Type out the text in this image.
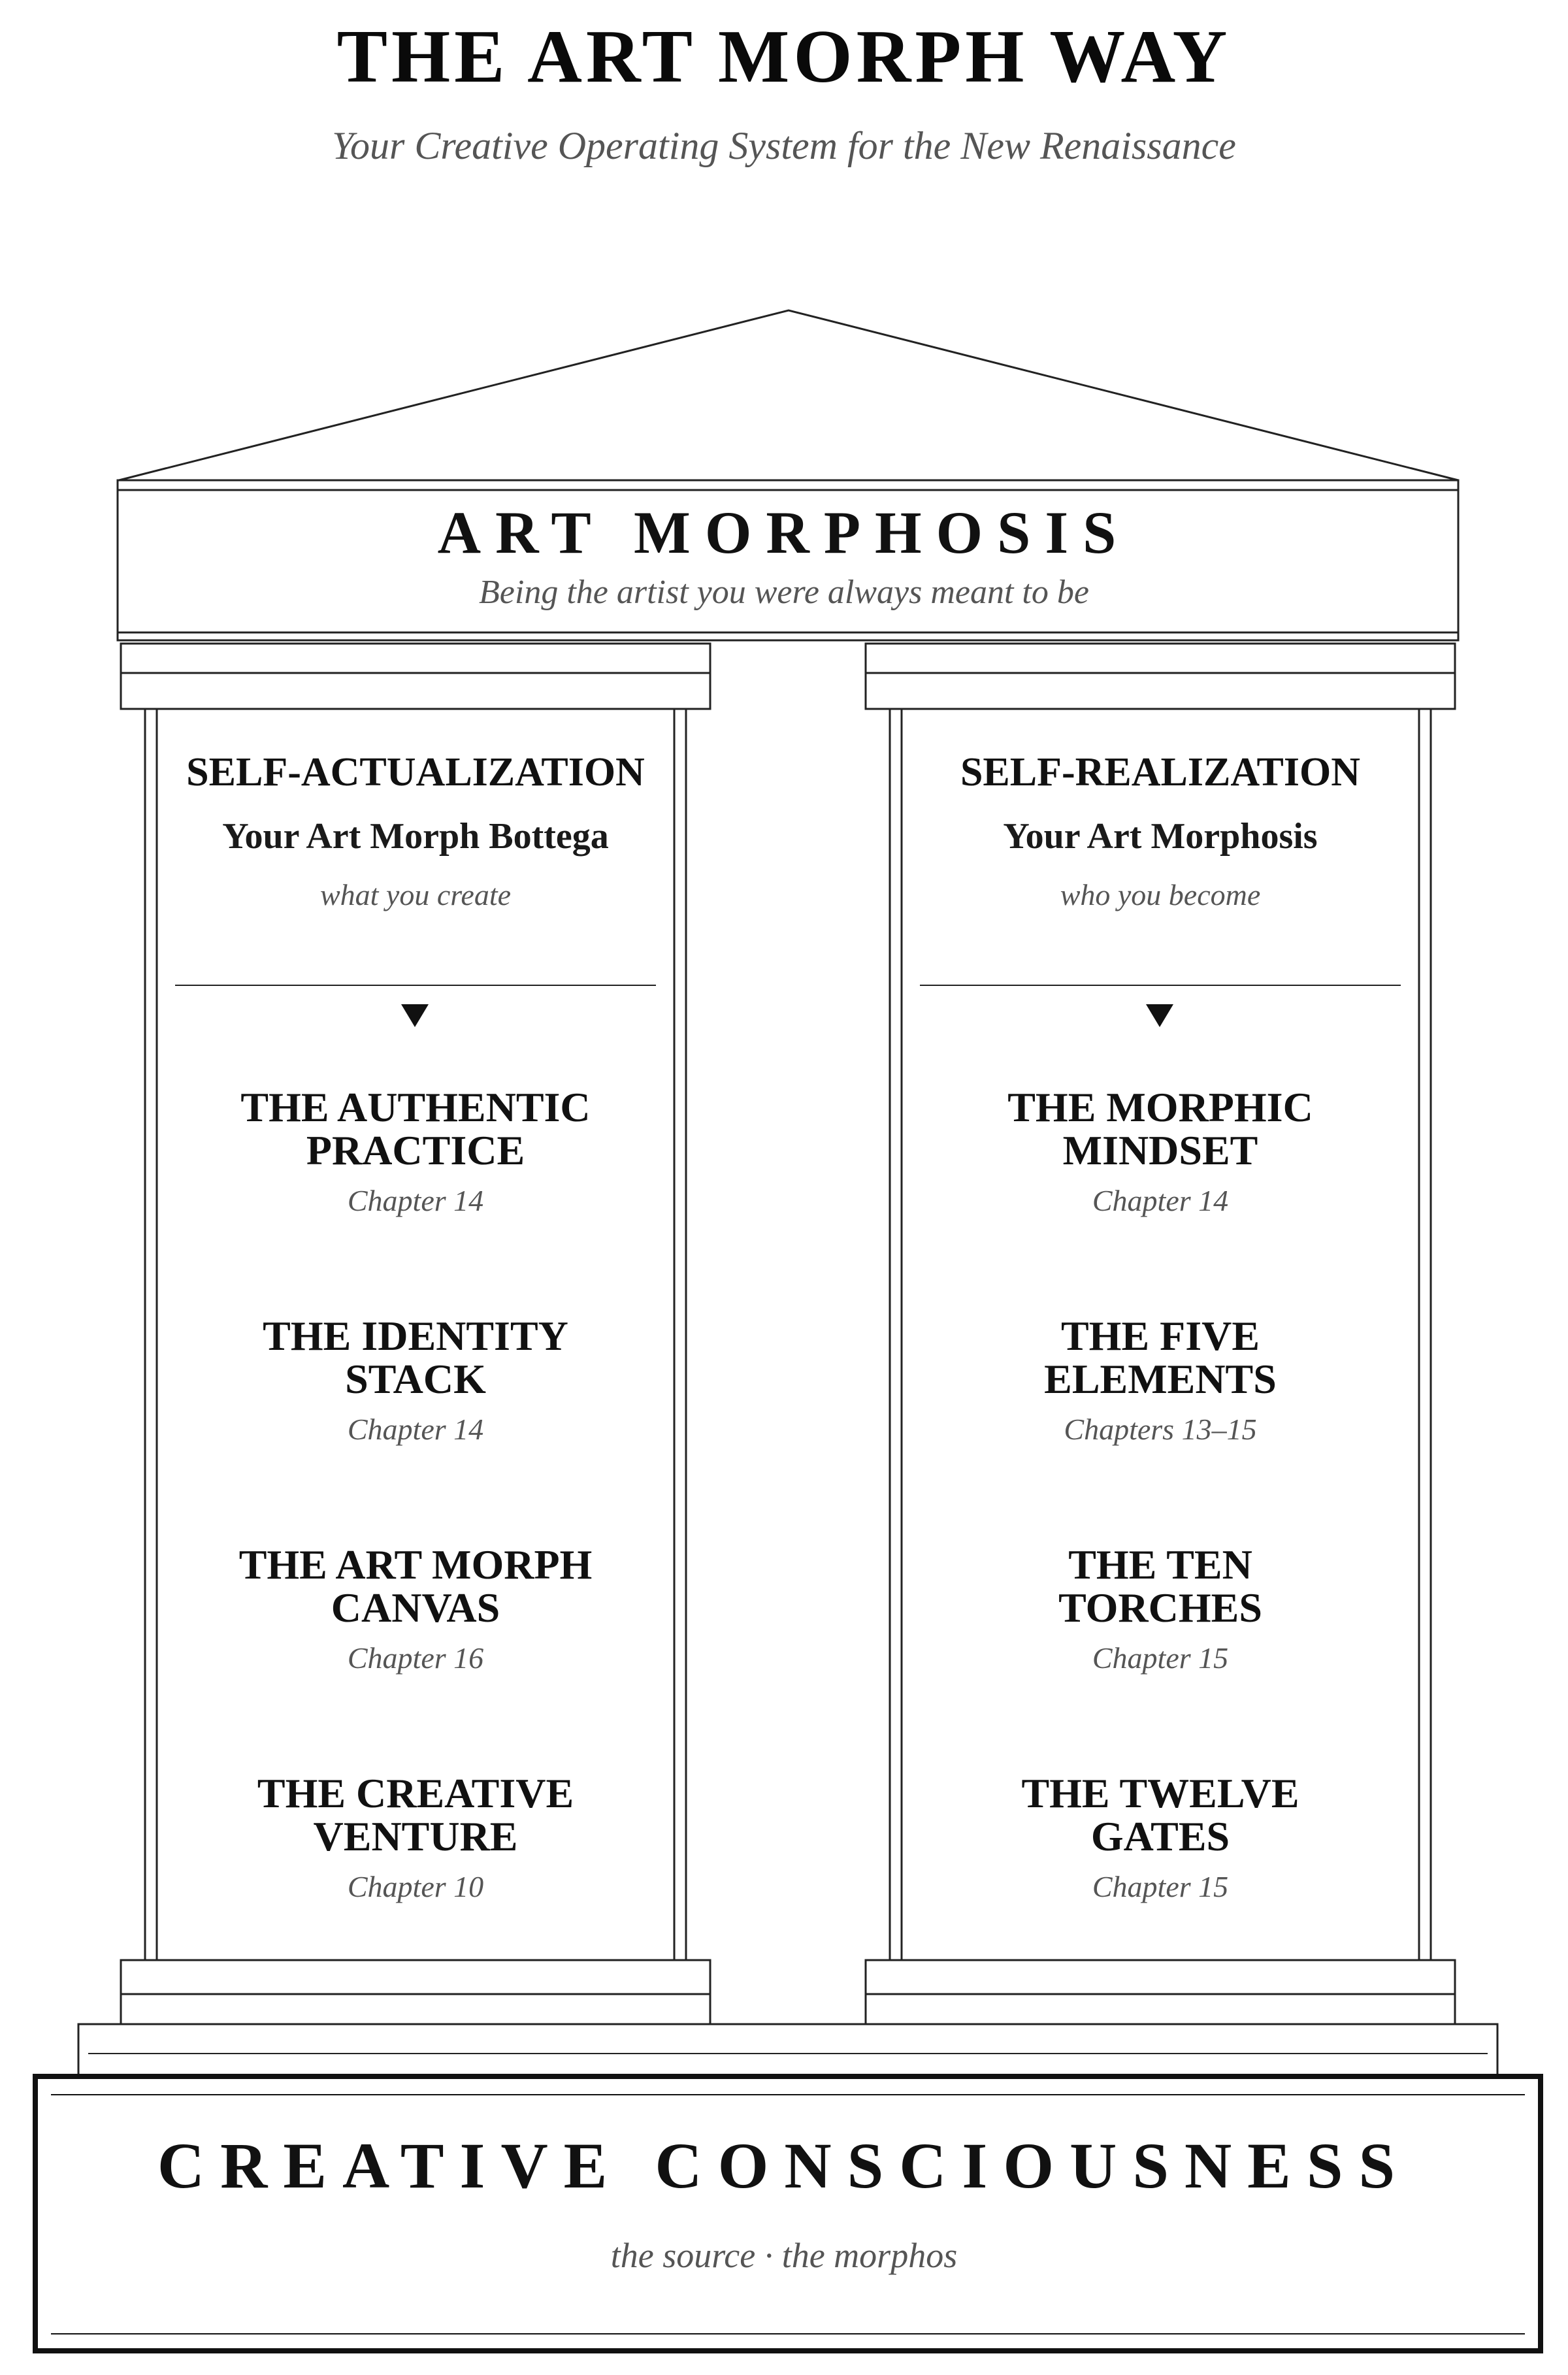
THE ART MORPH WAY
Your Creative Operating System for the New Renaissance
ART MORPHOSIS
Being the artist you were always meant to be
SELF-ACTUALIZATION
Your Art Morph Bottega
what you create
THE AUTHENTIC
PRACTICE
Chapter 14
THE IDENTITY
STACK
Chapter 14
THE ART MORPH
CANVAS
Chapter 16
THE CREATIVE
VENTURE
Chapter 10
SELF-REALIZATION
Your Art Morphosis
who you become
THE MORPHIC
MINDSET
Chapter 14
THE FIVE
ELEMENTS
Chapters 13–15
THE TEN
TORCHES
Chapter 15
THE TWELVE
GATES
Chapter 15
CREATIVE CONSCIOUSNESS
the source · the morphos
